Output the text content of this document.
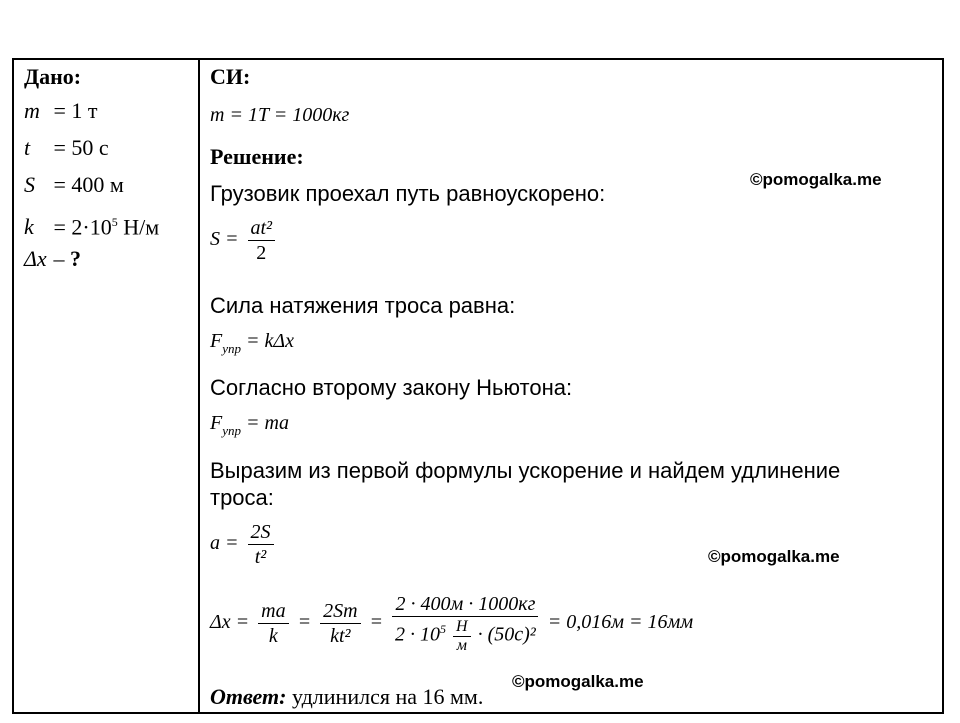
Дано:
m = 1 т
t = 50 с
S = 400 м
$k = 2\cdot 10^5$ Н/м
Δx – ?
СИ:
m = 1T = 1000кг
Решение:
Грузовик проехал путь равноускорено:
$S = \frac{\text{at²}}{2}$
Сила натяжения троса равна:
$F_{упр} = k\Delta x$
Согласно второму закону Ньютона:
$F_{упр}$ = ma
Выразим из первой формулы ускорение и найдем удлинение троса:
$a = \frac{2S}{\text{t²}}$
$\Delta x = \frac{ma}{k} = \frac{2Sm}{\text{kt²}}$ =
2 · 400м · 1000кг
$2 \cdot 10^5 \frac{H}{м} \cdot (50c)^2$
= 0,016м = 16мм
Ответ: удлинился на 16 мм.
©pomogalka.me
©pomogalka.me
©pomogalka.me
